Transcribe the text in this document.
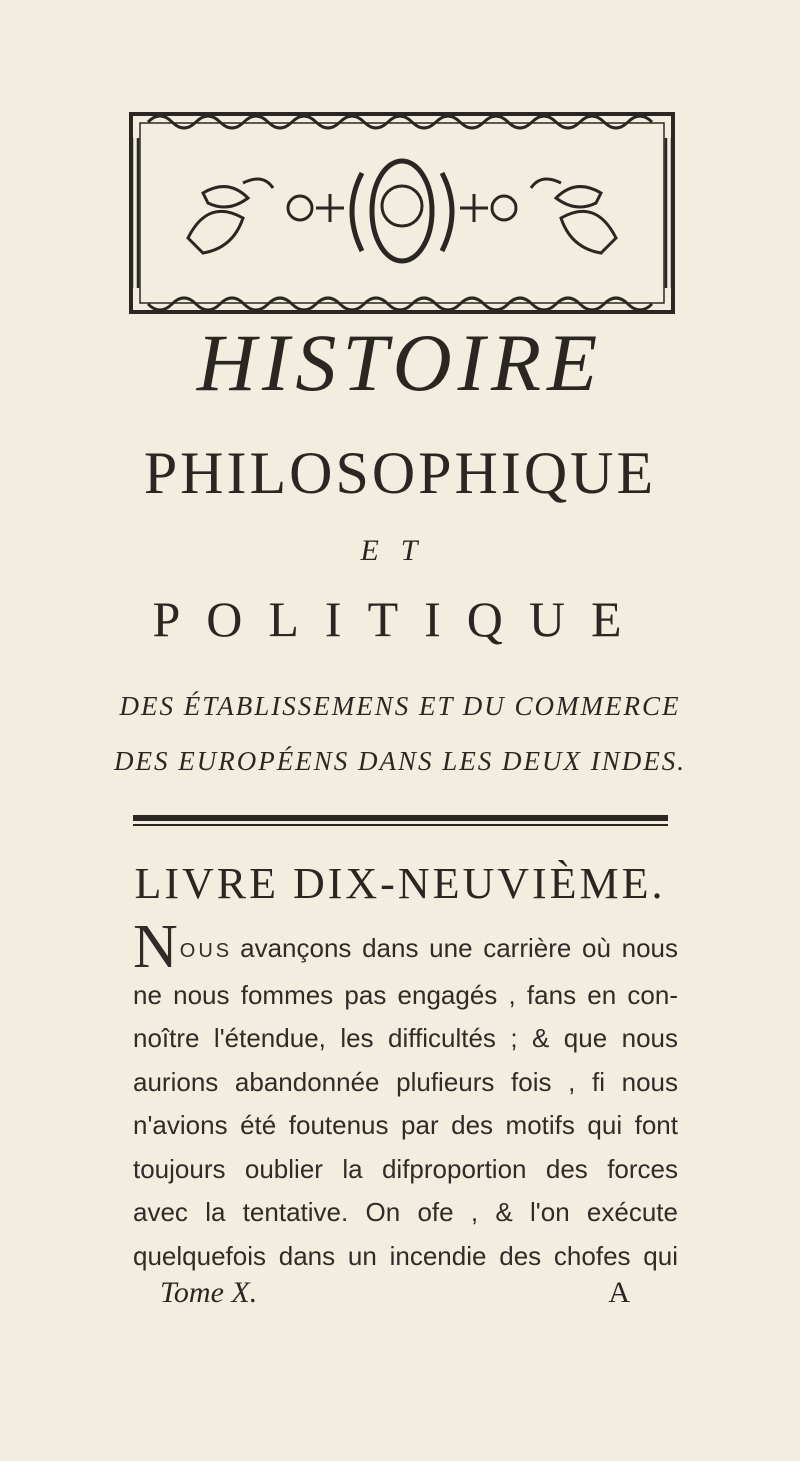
HISTOIRE
PHILOSOPHIQUE
ET
POLITIQUE
DES ÉTABLISSEMENS ET DU COMMERCE
DES EUROPÉENS DANS LES DEUX INDES.
LIVRE DIX-NEUVIÈME.
NOUS avançons dans une carrière où nous
ne nous fommes pas engagés , fans en con-
noître l'étendue, les difficultés ; & que nous
aurions abandonnée plufieurs fois , fi nous
n'avions été foutenus par des motifs qui font
toujours oublier la difproportion des forces
avec la tentative. On ofe , & l'on exécute
quelquefois dans un incendie des chofes qui
Tome X.	A
